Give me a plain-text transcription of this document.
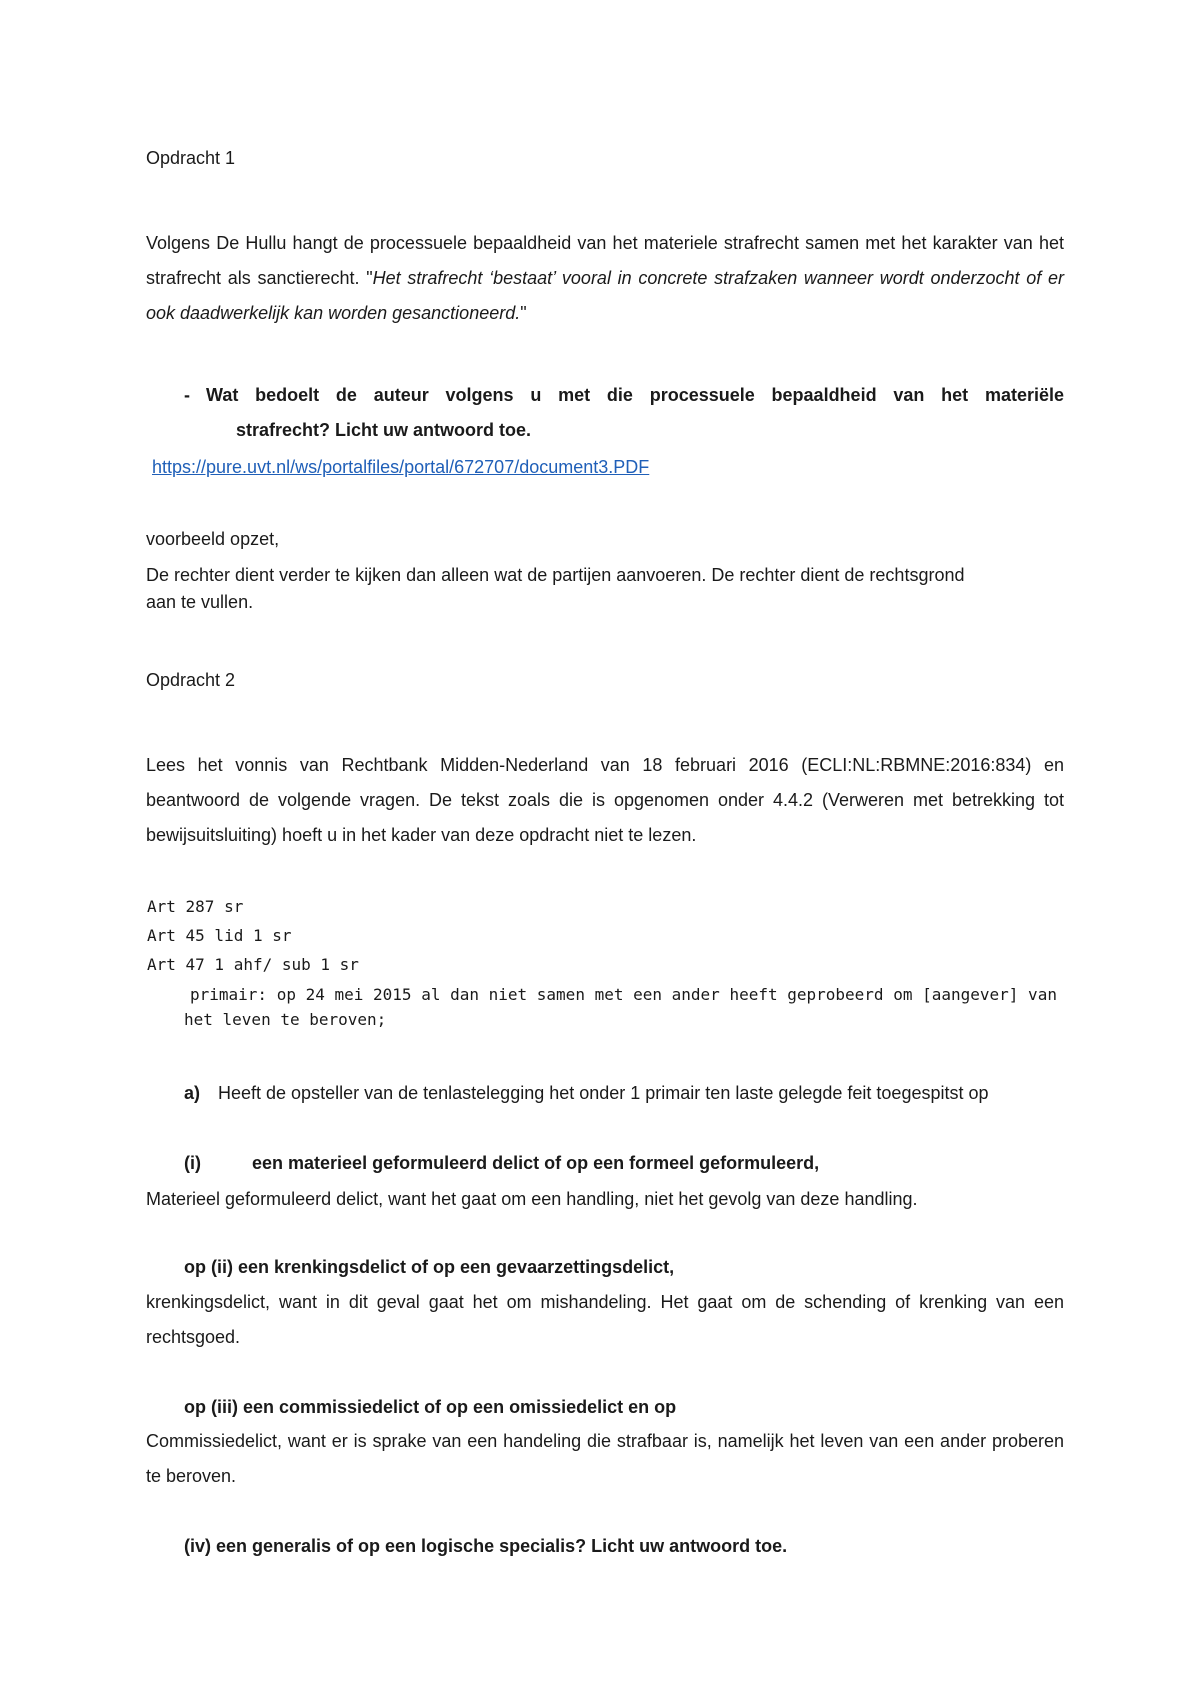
Opdracht 1

Volgens De Hullu hangt de processuele bepaaldheid van het materiele strafrecht samen met het karakter van het strafrecht als sanctierecht. "Het strafrecht ‘bestaat’ vooral in concrete strafzaken wanneer wordt onderzocht of er ook daadwerkelijk kan worden gesanctioneerd."

- Wat bedoelt de auteur volgens u met die processuele bepaaldheid van het materiële
strafrecht? Licht uw antwoord toe.
https://pure.uvt.nl/ws/portalfiles/portal/672707/document3.PDF
voorbeeld opzet,

De rechter dient verder te kijken dan alleen wat de partijen aanvoeren. De rechter dient de rechtsgrond aan te vullen.

Opdracht 2

Lees het vonnis van Rechtbank Midden-Nederland van 18 februari 2016 (ECLI:NL:RBMNE:2016:834) en beantwoord de volgende vragen. De tekst zoals die is opgenomen onder 4.4.2 (Verweren met betrekking tot bewijsuitsluiting) hoeft u in het kader van deze opdracht niet te lezen.

Art 287 sr
Art 45 lid 1 sr
Art 47 1 ahf/ sub 1 sr

primair: op 24 mei 2015 al dan niet samen met een ander heeft geprobeerd om [aangever] van het leven te beroven;

a) Heeft de opsteller van de tenlastelegging het onder 1 primair ten laste gelegde feit toegespitst op
(i)	een materieel geformuleerd delict of op een formeel geformuleerd,

Materieel geformuleerd delict, want het gaat om een handling, niet het gevolg van deze handling.

op (ii) een krenkingsdelict of op een gevaarzettingsdelict,

krenkingsdelict, want in dit geval gaat het om mishandeling. Het gaat om de schending of krenking van een rechtsgoed.

op (iii) een commissiedelict of op een omissiedelict en op

Commissiedelict, want er is sprake van een handeling die strafbaar is, namelijk het leven van een ander proberen te beroven.

(iv) een generalis of op een logische specialis? Licht uw antwoord toe.
